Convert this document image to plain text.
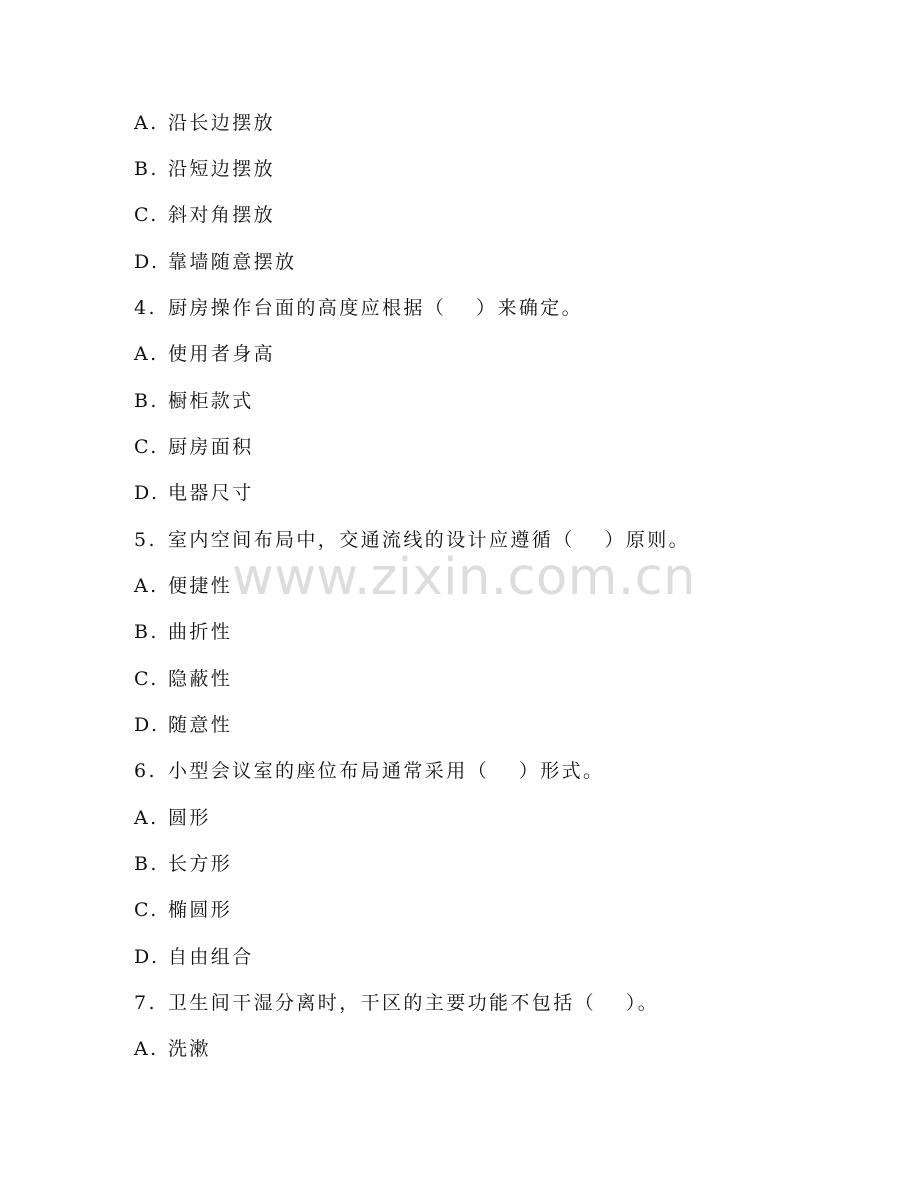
A. 沿长边摆放
B. 沿短边摆放
C. 斜对角摆放
D. 靠墙随意摆放
4. 厨房操作台面的高度应根据（　 ）来确定。
A. 使用者身高
B. 橱柜款式
C. 厨房面积
D. 电器尺寸
5. 室内空间布局中，交通流线的设计应遵循（　 ）原则。
A. 便捷性
B. 曲折性
C. 隐蔽性
D. 随意性
6. 小型会议室的座位布局通常采用（　 ）形式。
A. 圆形
B. 长方形
C. 椭圆形
D. 自由组合
7. 卫生间干湿分离时，干区的主要功能不包括（　 ）。
A. 洗漱
www.zixin.com.cn
